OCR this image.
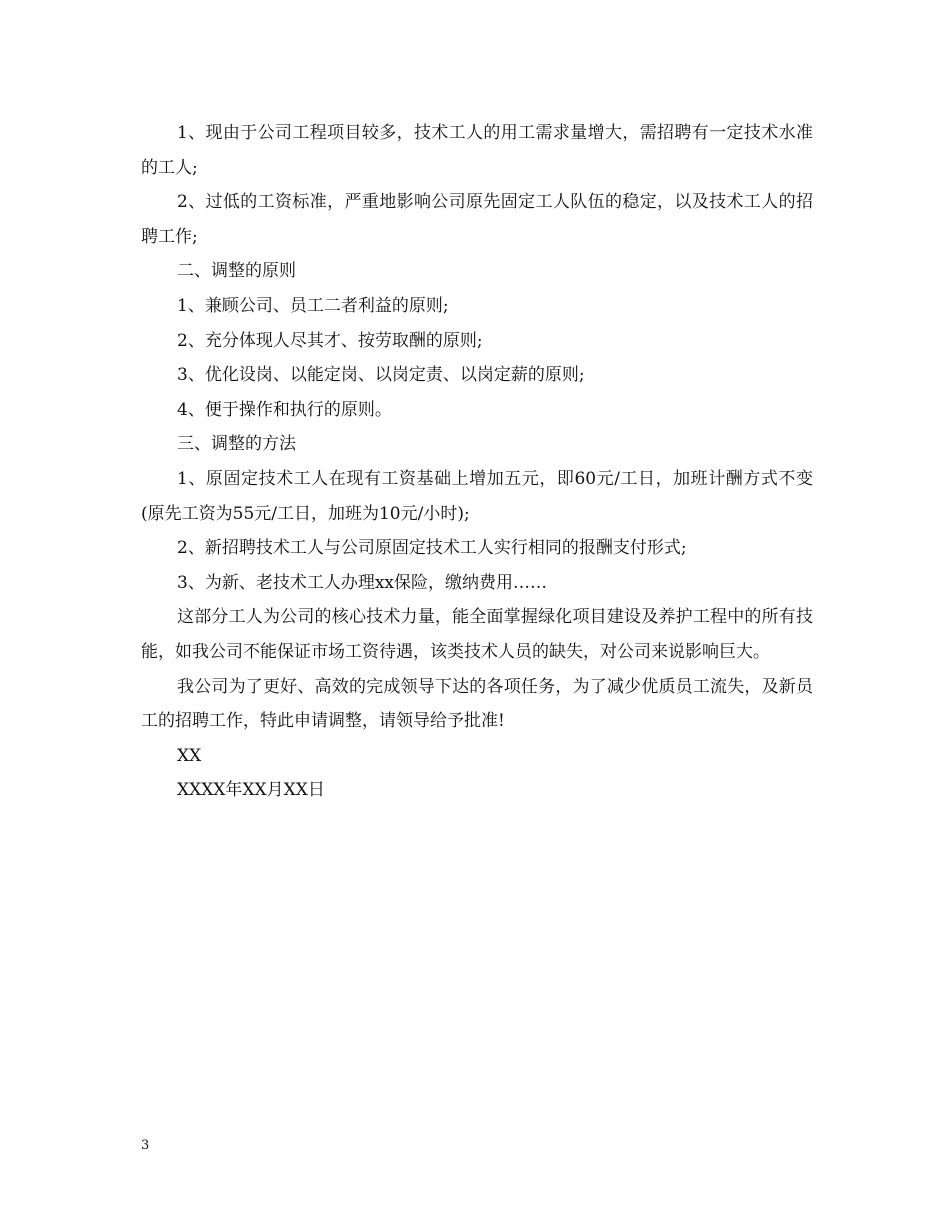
1、现由于公司工程项目较多，技术工人的用工需求量增大，需招聘有一定技术水准的工人;

2、过低的工资标准，严重地影响公司原先固定工人队伍的稳定，以及技术工人的招聘工作;

二、调整的原则

1、兼顾公司、员工二者利益的原则;

2、充分体现人尽其才、按劳取酬的原则;

3、优化设岗、以能定岗、以岗定责、以岗定薪的原则;

4、便于操作和执行的原则。

三、调整的方法

1、原固定技术工人在现有工资基础上增加五元，即60元/工日，加班计酬方式不变(原先工资为55元/工日，加班为10元/小时);

2、新招聘技术工人与公司原固定技术工人实行相同的报酬支付形式;

3、为新、老技术工人办理xx保险，缴纳费用……

这部分工人为公司的核心技术力量，能全面掌握绿化项目建设及养护工程中的所有技能，如我公司不能保证市场工资待遇，该类技术人员的缺失，对公司来说影响巨大。

我公司为了更好、高效的完成领导下达的各项任务，为了减少优质员工流失，及新员工的招聘工作，特此申请调整，请领导给予批准!

XX

XXXX年XX月XX日

3
